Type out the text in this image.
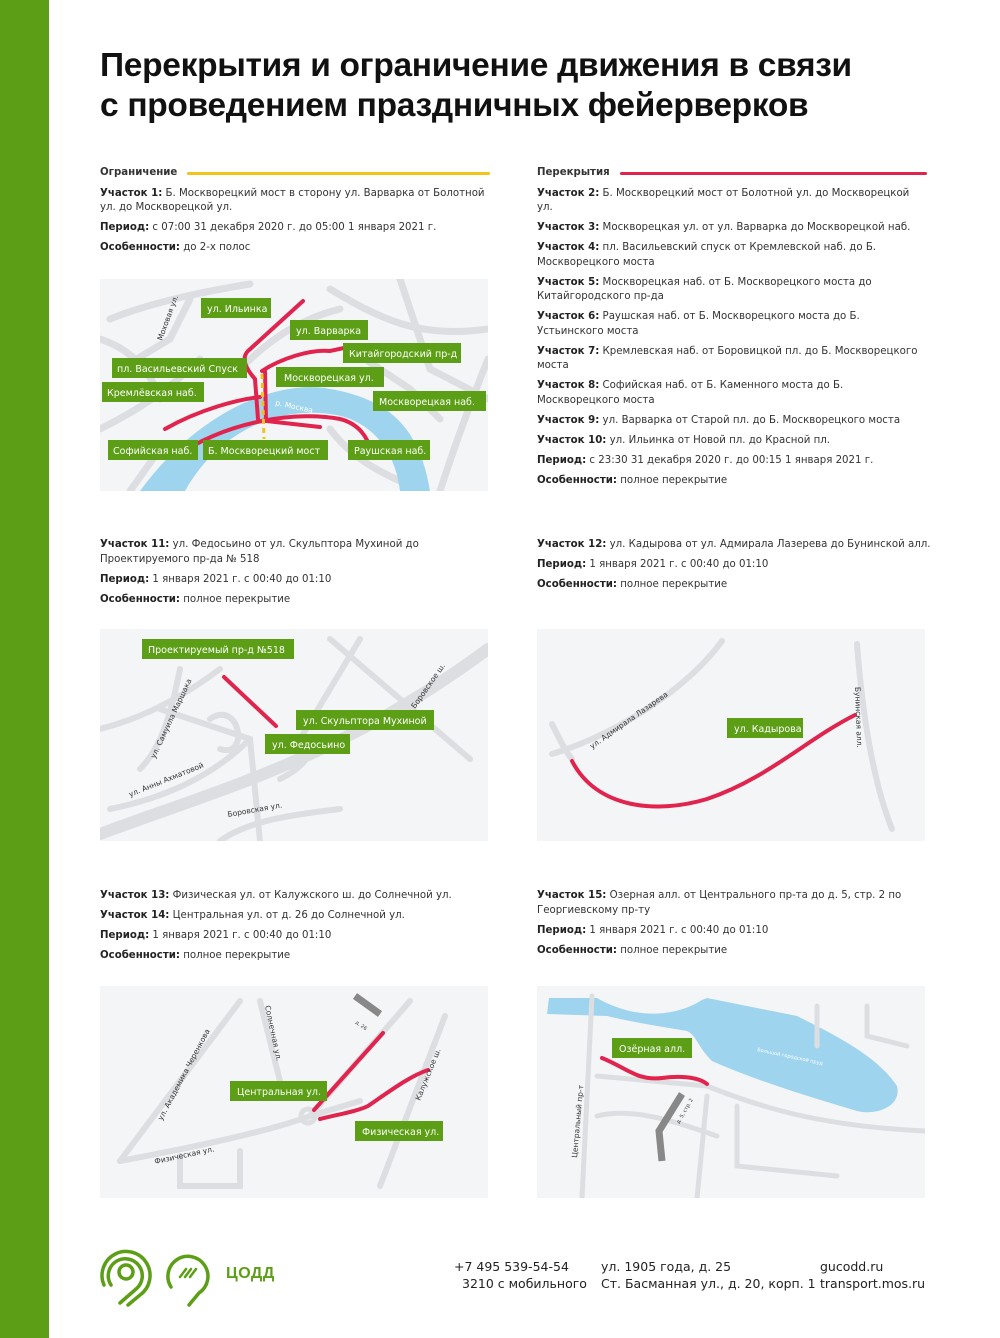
Перекрытия и ограничение движения в связи
с проведением праздничных фейерверков
Ограничение

Участок 1: Б. Москворецкий мост в сторону ул. Варварка от Болотной ул. до Москворецкой ул.

Период: с 07:00 31 декабря 2020 г. до 05:00 1 января 2021 г.

Особенности: до 2-х полос

Перекрытия

Участок 2: Б. Москворецкий мост от Болотной ул. до Москворецкой ул.

Участок 3: Москворецкая ул. от ул. Варварка до Москворецкой наб.

Участок 4: пл. Васильевский спуск от Кремлевской наб. до Б. Москворецкого моста

Участок 5: Москворецкая наб. от Б. Москворецкого моста до Китайгородского пр-да

Участок 6: Раушская наб. от Б. Москворецкого моста до Б. Устьинского моста

Участок 7: Кремлевская наб. от Боровицкой пл. до Б. Москворецкого моста

Участок 8: Софийская наб. от Б. Каменного моста до Б. Москворецкого моста

Участок 9: ул. Варварка от Старой пл. до Б. Москворецкого моста

Участок 10: ул. Ильинка от Новой пл. до Красной пл.

Период: с 23:30 31 декабря 2020 г. до 00:15 1 января 2021 г.

Особенности: полное перекрытие

р. Москва
Моховая ул.	ул. Ильинка
ул. Варварка
Китайгородский пр-д
пл. Васильевский Спуск
Москворецкая ул.
Кремлёвская наб.
Москворецкая наб.
Софийская наб. Б. Москворецкий мост	Раушская наб.

Участок 11: ул. Федосьино от ул. Скульптора Мухиной до Проектируемого пр-да № 518

Период: 1 января 2021 г. с 00:40 до 01:10

Особенности: полное перекрытие

Проектируемый пр-д №518
ул. Скульптора Мухиной
ул. Федосьино
ул. Самуила Маршака
ул. Анны Ахматовой
Боровская ул.
Боровское ш.

Участок 12: ул. Кадырова от ул. Адмирала Лазерева до Бунинской алл.

Период: 1 января 2021 г. с 00:40 до 01:10

Особенности: полное перекрытие

ул. Кадырова
ул. Адмирала Лазарева	Бунинская алл.

Участок 13: Физическая ул. от Калужского ш. до Солнечной ул.

Участок 14: Центральная ул. от д. 26 до Солнечной ул.

Период: 1 января 2021 г. с 00:40 до 01:10

Особенности: полное перекрытие

Центральная ул.
Физическая ул.
ул. Академика Черенкова	Солнечная ул.
Калужское ш.
Физическая ул.
д. 26

Участок 15: Озерная алл. от Центрального пр-та до д. 5, стр. 2 по Георгиевскому пр-ту

Период: 1 января 2021 г. с 00:40 до 01:10

Особенности: полное перекрытие

Большой городской пруд
д. 5, стр. 2
Озёрная алл.
Центральный пр-т
ЦОДД	+7 495 539-54-54
3210 с мобильного
ул. 1905 года, д. 25
Ст. Басманная ул., д. 20, корп. 1
gucodd.ru
transport.mos.ru
